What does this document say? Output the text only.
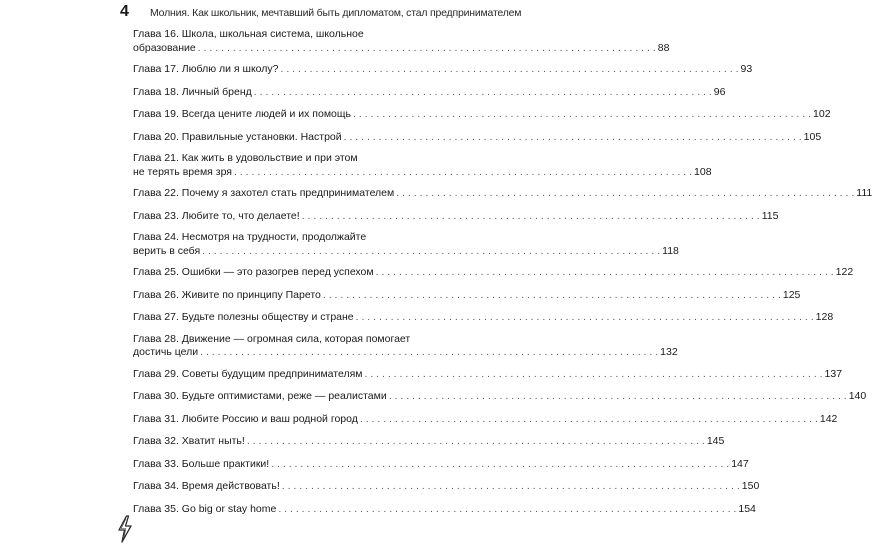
4 Молния. Как школьник, мечтавший быть дипломатом, стал предпринимателем
Глава 16. Школа, школьная система, школьное
образование . . .	88
Глава 17. Люблю ли я школу? . . .	93
Глава 18. Личный бренд . . .	96
Глава 19. Всегда цените людей и их помощь . . .	102
Глава 20. Правильные установки. Настрой . . .	105
Глава 21. Как жить в удовольствие и при этом
не терять время зря . . .	108
Глава 22. Почему я захотел стать предпринимателем . . .	111
Глава 23. Любите то, что делаете! . . .	115
Глава 24. Несмотря на трудности, продолжайте
верить в себя . . .	118
Глава 25. Ошибки — это разогрев перед успехом . . .	122
Глава 26. Живите по принципу Парето . . .	125
Глава 27. Будьте полезны обществу и стране . . .	128
Глава 28. Движение — огромная сила, которая помогает
достичь цели . . .	132
Глава 29. Советы будущим предпринимателям . . .	137
Глава 30. Будьте оптимистами, реже — реалистами . . .	140
Глава 31. Любите Россию и ваш родной город . . .	142
Глава 32. Хватит ныть! . . .	145
Глава 33. Больше практики! . . .	147
Глава 34. Время действовать! . . .	150
Глава 35. Go big or stay home . . .	154
